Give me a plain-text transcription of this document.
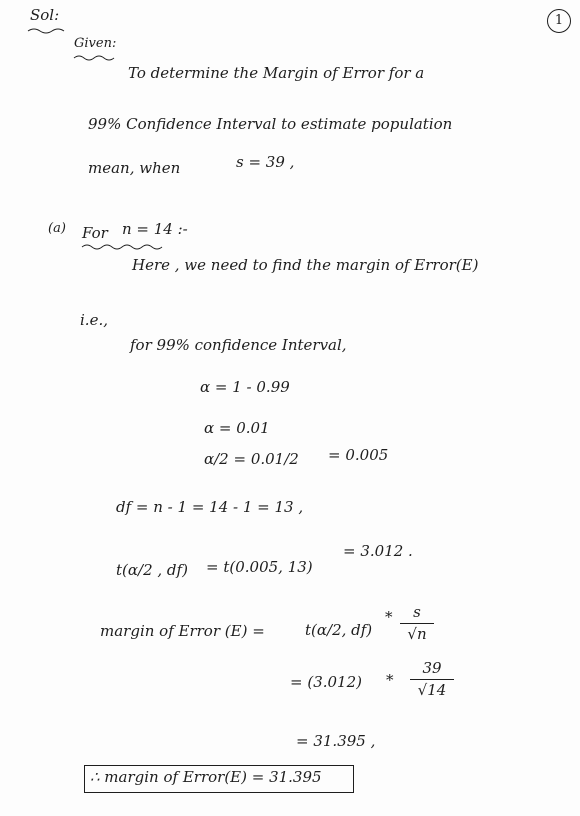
Sol:	1
Given:
To determine the Margin of Error for a
99% Confidence Interval to estimate population
mean, when	s = 39 ,
(a) For n = 14 :-
Here , we need to find the margin of Error(E)
i.e.,
for 99% confidence Interval,
α = 1 - 0.99
α = 0.01
α/2 = 0.01/2 = 0.005
df = n - 1 = 14 - 1 = 13 ,
t(α/2 , df) = t(0.005, 13)
= 3.012 .
margin of Error (E) =	t(α/2, df)
*	s
√n
= (3.012) *
39
√14
= 31.395 ,
∴ margin of Error(E) = 31.395
